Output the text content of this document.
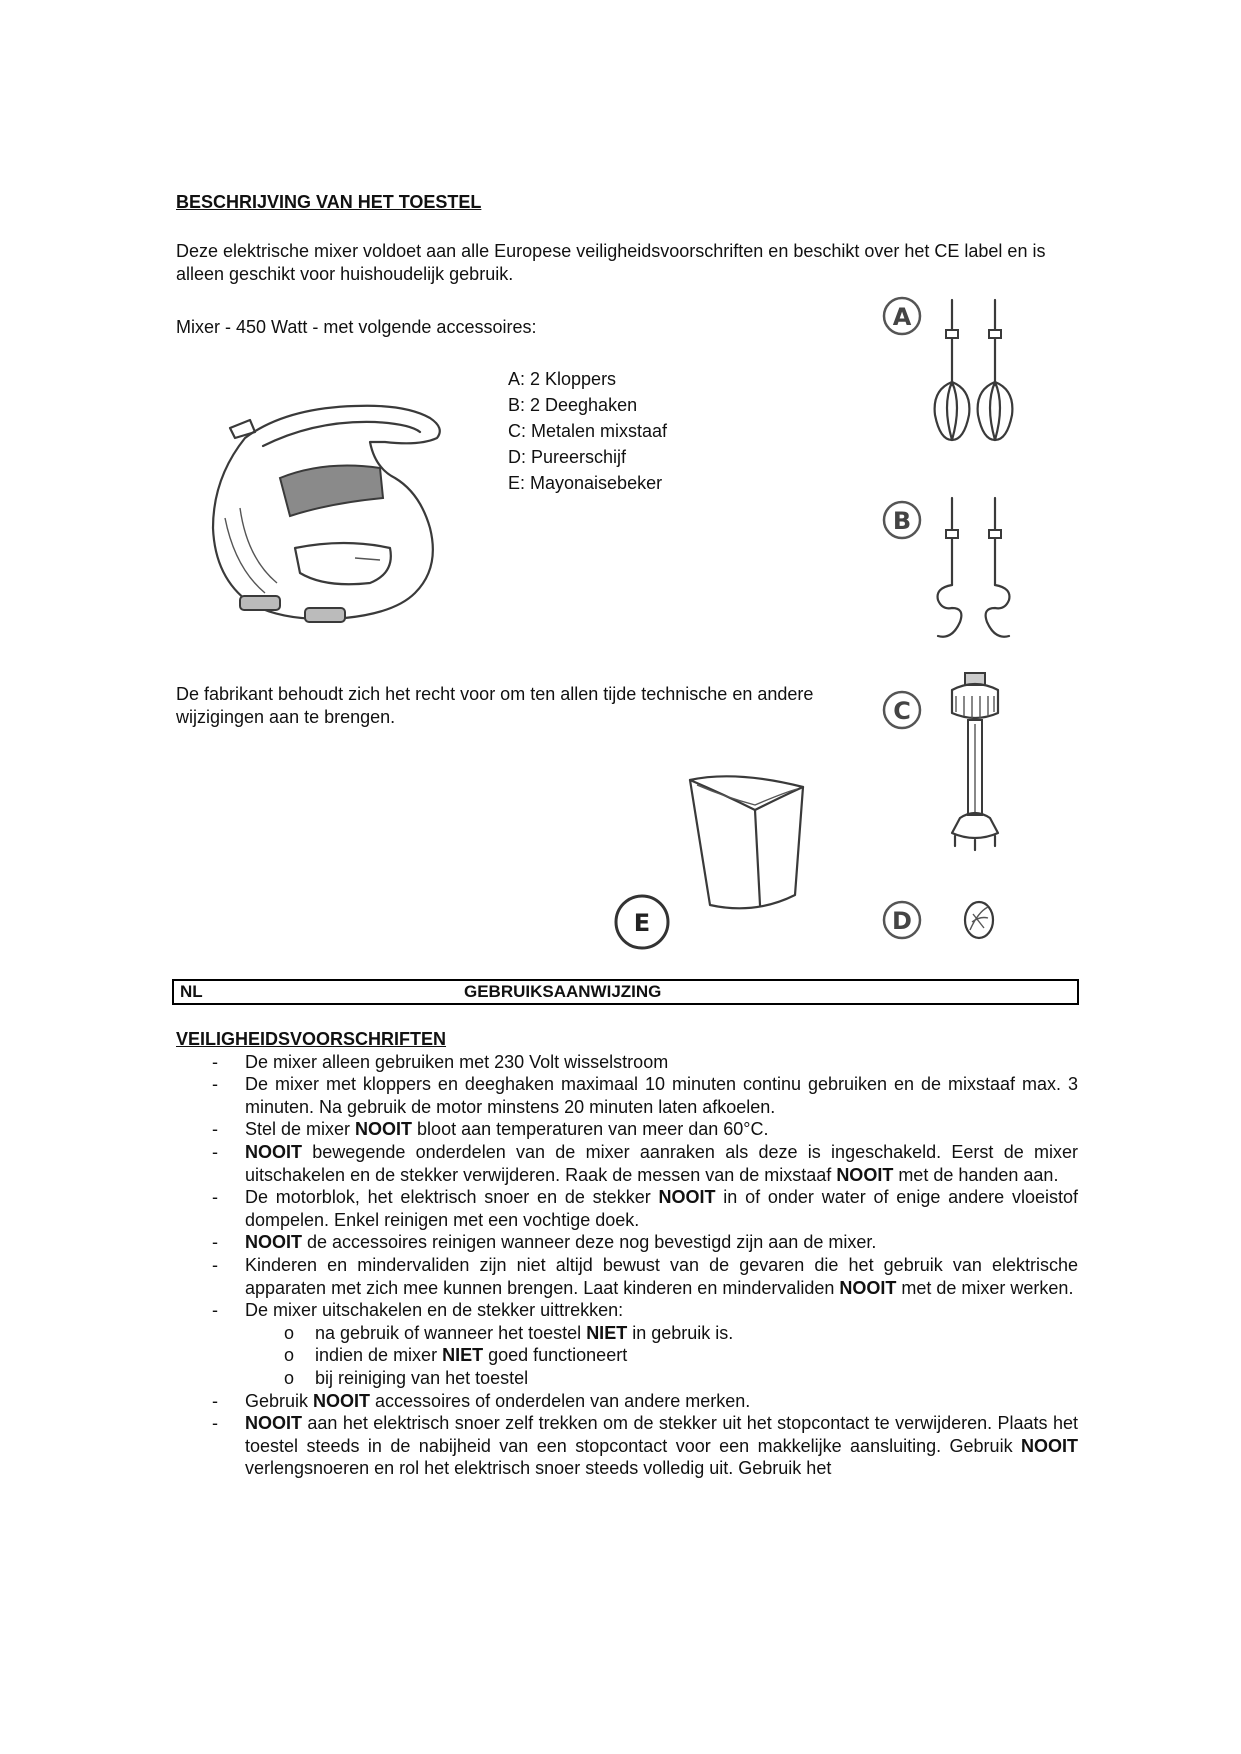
BESCHRIJVING VAN HET TOESTEL
Deze elektrische mixer voldoet aan alle Europese veiligheidsvoorschriften en beschikt over het CE label en is alleen geschikt voor huishoudelijk gebruik.
Mixer - 450 Watt - met volgende accessoires:
A: 2 Kloppers
B: 2 Deeghaken
C: Metalen mixstaaf
D: Pureerschijf
E: Mayonaisebeker
De fabrikant behoudt zich het recht voor om ten allen tijde technische en andere wijzigingen aan te brengen.
A
B
C
D
E
NL	GEBRUIKSAANWIJZING
VEILIGHEIDSVOORSCHRIFTEN
- De mixer alleen gebruiken met 230 Volt wisselstroom
- De mixer met kloppers en deeghaken maximaal 10 minuten continu gebruiken en de mixstaaf max. 3 minuten. Na gebruik de motor minstens 20 minuten laten afkoelen.
- Stel de mixer NOOIT bloot aan temperaturen van meer dan 60°C.
- NOOIT bewegende onderdelen van de mixer aanraken als deze is ingeschakeld. Eerst de mixer uitschakelen en de stekker verwijderen. Raak de messen van de mixstaaf NOOIT met de handen aan.
- De motorblok, het elektrisch snoer en de stekker NOOIT in of onder water of enige andere vloeistof dompelen. Enkel reinigen met een vochtige doek.
- NOOIT de accessoires reinigen wanneer deze nog bevestigd zijn aan de mixer.
- Kinderen en mindervaliden zijn niet altijd bewust van de gevaren die het gebruik van elektrische apparaten met zich mee kunnen brengen. Laat kinderen en mindervaliden NOOIT met de mixer werken.
- De mixer uitschakelen en de stekker uittrekken:
o na gebruik of wanneer het toestel NIET in gebruik is.
o indien de mixer NIET goed functioneert
o bij reiniging van het toestel
- Gebruik NOOIT accessoires of onderdelen van andere merken.
- NOOIT aan het elektrisch snoer zelf trekken om de stekker uit het stopcontact te verwijderen. Plaats het toestel steeds in de nabijheid van een stopcontact voor een makkelijke aansluiting. Gebruik NOOIT verlengsnoeren en rol het elektrisch snoer steeds volledig uit. Gebruik het
